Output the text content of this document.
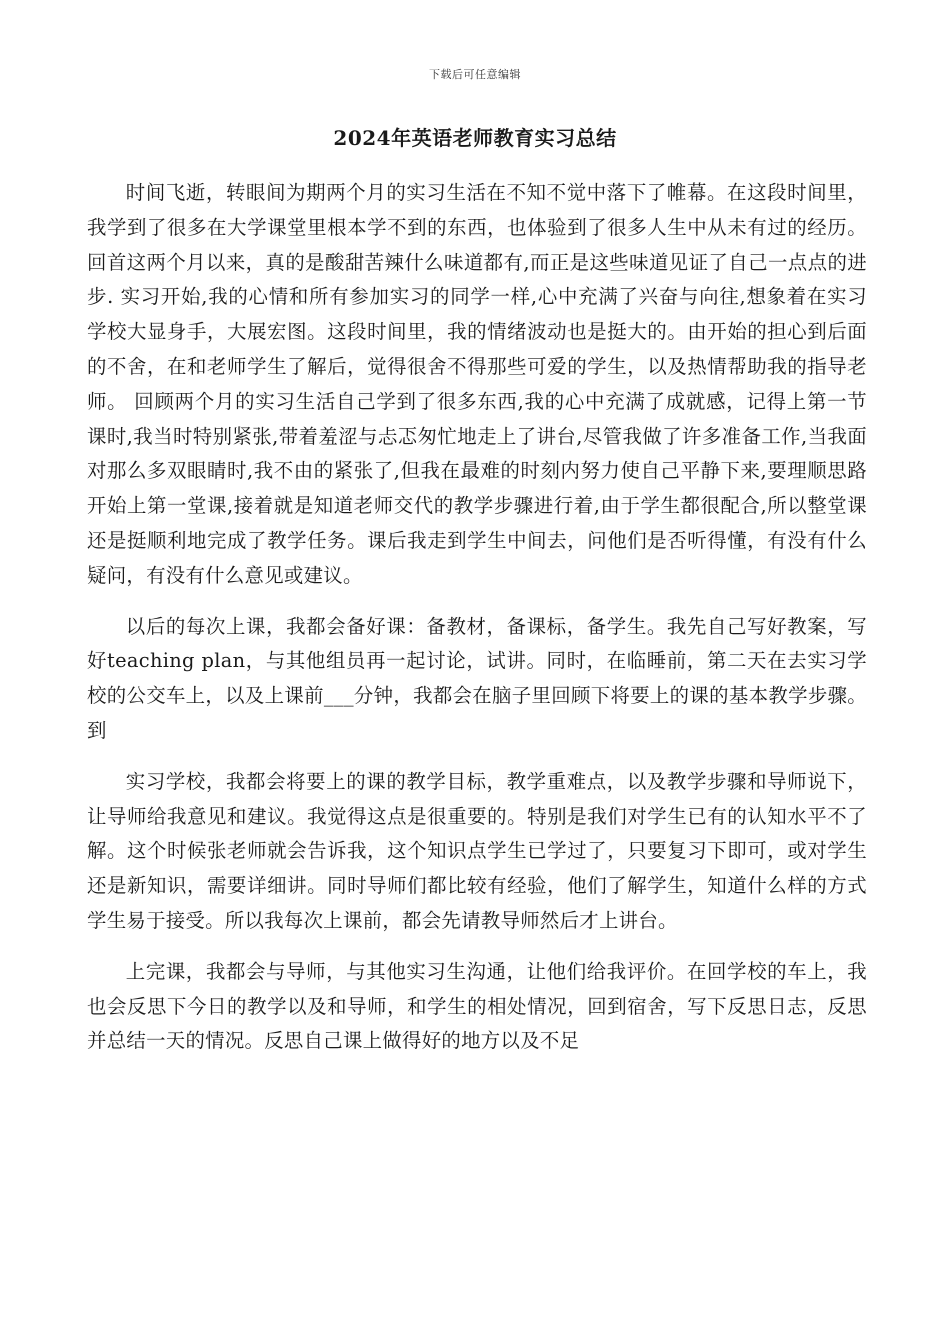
下载后可任意编辑
2024年英语老师教育实习总结

时间飞逝，转眼间为期两个月的实习生活在不知不觉中落下了帷幕。在这段时间里，我学到了很多在大学课堂里根本学不到的东西，也体验到了很多人生中从未有过的经历。回首这两个月以来，真的是酸甜苦辣什么味道都有,而正是这些味道见证了自己一点点的进步. 实习开始,我的心情和所有参加实习的同学一样,心中充满了兴奋与向往,想象着在实习学校大显身手，大展宏图。这段时间里，我的情绪波动也是挺大的。由开始的担心到后面的不舍，在和老师学生了解后，觉得很舍不得那些可爱的学生，以及热情帮助我的指导老师。 回顾两个月的实习生活自己学到了很多东西,我的心中充满了成就感，记得上第一节课时,我当时特别紧张,带着羞涩与忐忑匆忙地走上了讲台,尽管我做了许多准备工作,当我面对那么多双眼睛时,我不由的紧张了,但我在最难的时刻内努力使自己平静下来,要理顺思路开始上第一堂课,接着就是知道老师交代的教学步骤进行着,由于学生都很配合,所以整堂课还是挺顺利地完成了教学任务。课后我走到学生中间去，问他们是否听得懂，有没有什么疑问，有没有什么意见或建议。

以后的每次上课，我都会备好课：备教材，备课标，备学生。我先自己写好教案，写好teaching plan，与其他组员再一起讨论，试讲。同时，在临睡前，第二天在去实习学校的公交车上，以及上课前___分钟，我都会在脑子里回顾下将要上的课的基本教学步骤。到

实习学校，我都会将要上的课的教学目标，教学重难点，以及教学步骤和导师说下，让导师给我意见和建议。我觉得这点是很重要的。特别是我们对学生已有的认知水平不了解。这个时候张老师就会告诉我，这个知识点学生已学过了，只要复习下即可，或对学生还是新知识，需要详细讲。同时导师们都比较有经验，他们了解学生，知道什么样的方式学生易于接受。所以我每次上课前，都会先请教导师然后才上讲台。

上完课，我都会与导师，与其他实习生沟通，让他们给我评价。在回学校的车上，我也会反思下今日的教学以及和导师，和学生的相处情况，回到宿舍，写下反思日志，反思并总结一天的情况。反思自己课上做得好的地方以及不足
